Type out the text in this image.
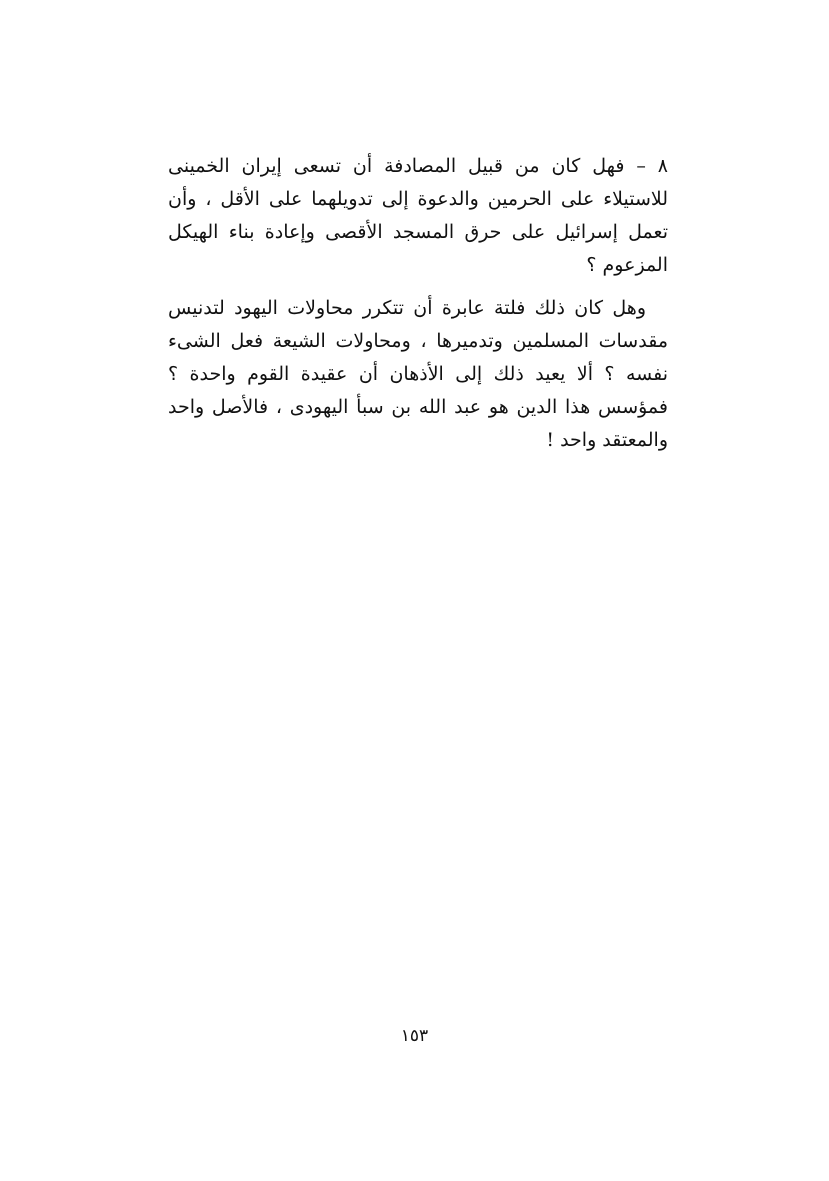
٨ – فهل كان من قبيل المصادفة أن تسعى إيران الخمينى للاستيلاء على الحرمين والدعوة إلى تدويلهما على الأقل ، وأن تعمل إسرائيل على حرق المسجد الأقصى وإعادة بناء الهيكل المزعوم ؟

وهل كان ذلك فلتة عابرة أن تتكرر محاولات اليهود لتدنيس مقدسات المسلمين وتدميرها ، ومحاولات الشيعة فعل الشىء نفسه ؟ ألا يعيد ذلك إلى الأذهان أن عقيدة القوم واحدة ؟ فمؤسس هذا الدين هو عبد الله بن سبأ اليهودى ، فالأصل واحد والمعتقد واحد !

١٥٣
